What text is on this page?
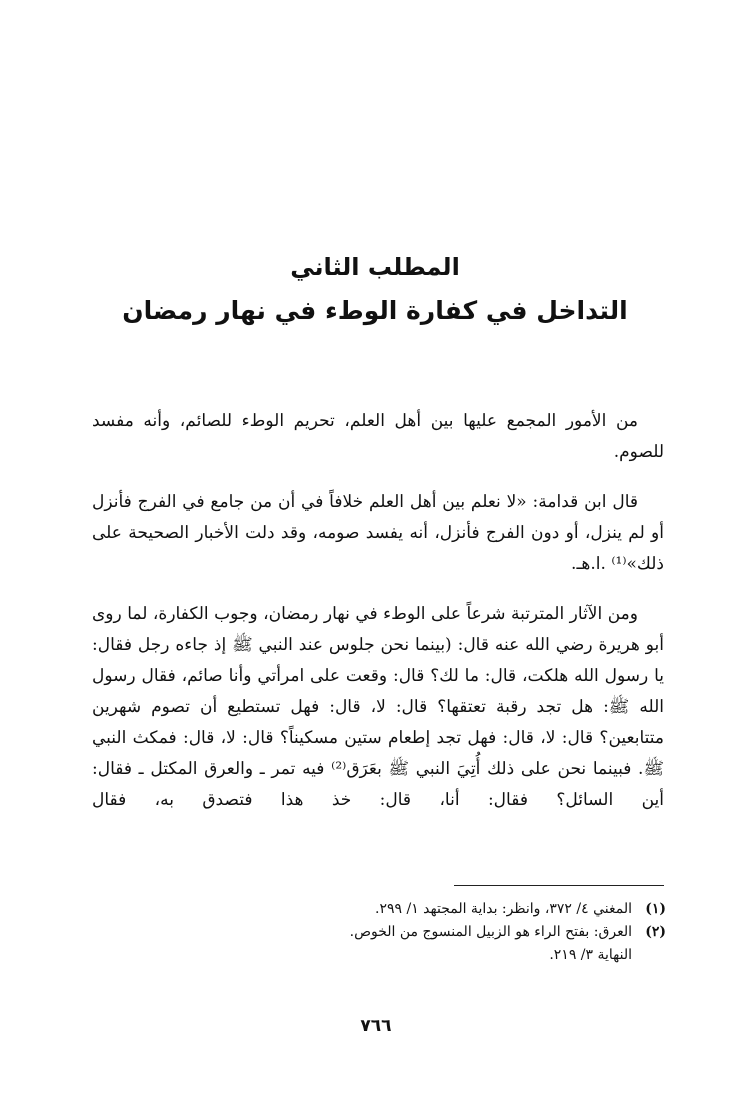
المطلب الثاني
التداخل في كفارة الوطء في نهار رمضان

من الأمور المجمع عليها بين أهل العلم، تحريم الوطء للصائم، وأنه مفسد للصوم.

قال ابن قدامة: «لا نعلم بين أهل العلم خلافاً في أن من جامع في الفرج فأنزل أو لم ينزل، أو دون الفرج فأنزل، أنه يفسد صومه، وقد دلت الأخبار الصحيحة على ذلك»⁽¹⁾ .ا.هـ.

ومن الآثار المترتبة شرعاً على الوطء في نهار رمضان، وجوب الكفارة، لما روى أبو هريرة رضي الله عنه قال: (بينما نحن جلوس عند النبي ﷺ إذ جاءه رجل فقال: يا رسول الله هلكت، قال: ما لك؟ قال: وقعت على امرأتي وأنا صائم، فقال رسول الله ﷺ: هل تجد رقبة تعتقها؟ قال: لا، قال: فهل تستطيع أن تصوم شهرين متتابعين؟ قال: لا، قال: فهل تجد إطعام ستين مسكيناً؟ قال: لا، قال: فمكث النبي ﷺ. فبينما نحن على ذلك أُتِيَ النبي ﷺ بعَرَق⁽²⁾ فيه تمر ـ والعرق المكتل ـ فقال: أين السائل؟ فقال: أنا، قال: خذ هذا فتصدق به، فقال

(١)المغني ٤/ ٣٧٢، وانظر: بداية المجتهد ١/ ٢٩٩.

(٢)العرق: بفتح الراء هو الزبيل المنسوج من الخوص.

النهاية ٣/ ٢١٩.

٧٦٦
